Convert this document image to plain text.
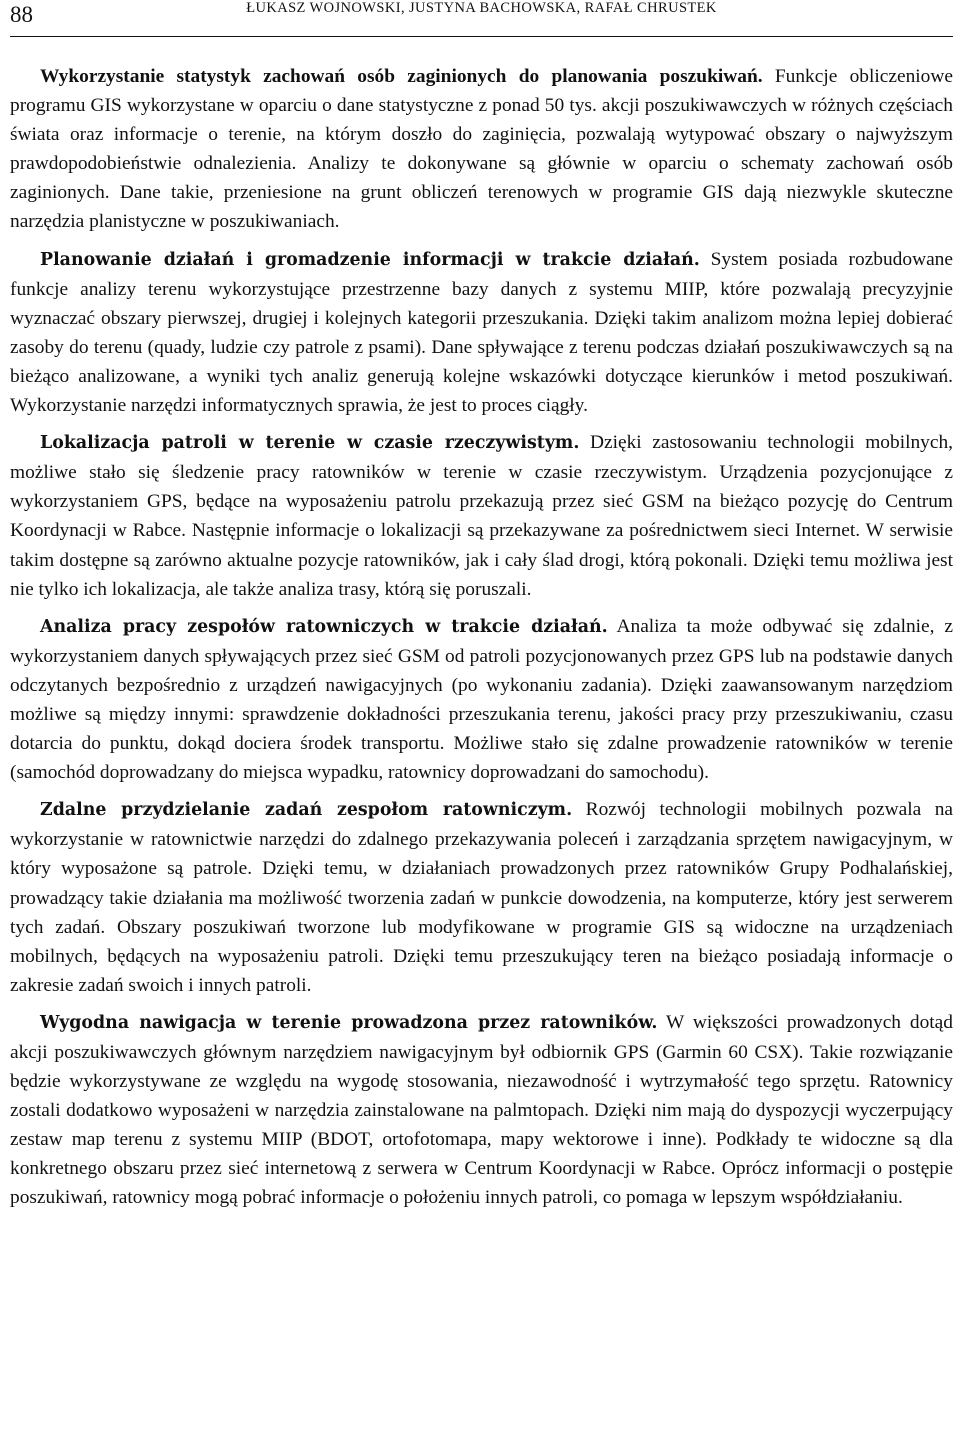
88	ŁUKASZ WOJNOWSKI, JUSTYNA BACHOWSKA, RAFAŁ CHRUSTEK

Wykorzystanie statystyk zachowań osób zaginionych do planowania poszukiwań. Funkcje obliczeniowe programu GIS wykorzystane w oparciu o dane statystyczne z ponad 50 tys. akcji poszukiwawczych w różnych częściach świata oraz informacje o terenie, na którym doszło do zaginięcia, pozwalają wytypować obszary o najwyższym prawdopodobieństwie odnalezienia. Analizy te dokonywane są głównie w oparciu o schematy zachowań osób zaginionych. Dane takie, przeniesione na grunt obliczeń terenowych w programie GIS dają niezwykle skuteczne narzędzia planistyczne w poszukiwaniach.

Planowanie działań i gromadzenie informacji w trakcie działań. System posiada rozbudowane funkcje analizy terenu wykorzystujące przestrzenne bazy danych z systemu MIIP, które pozwalają precyzyjnie wyznaczać obszary pierwszej, drugiej i kolejnych kategorii przeszukania. Dzięki takim analizom można lepiej dobierać zasoby do terenu (quady, ludzie czy patrole z psami). Dane spływające z terenu podczas działań poszukiwawczych są na bieżąco analizowane, a wyniki tych analiz generują kolejne wskazówki dotyczące kierunków i metod poszukiwań. Wykorzystanie narzędzi informatycznych sprawia, że jest to proces ciągły.

Lokalizacja patroli w terenie w czasie rzeczywistym. Dzięki zastosowaniu technologii mobilnych, możliwe stało się śledzenie pracy ratowników w terenie w czasie rzeczywistym. Urządzenia pozycjonujące z wykorzystaniem GPS, będące na wyposażeniu patrolu przekazują przez sieć GSM na bieżąco pozycję do Centrum Koordynacji w Rabce. Następnie informacje o lokalizacji są przekazywane za pośrednictwem sieci Internet. W serwisie takim dostępne są zarówno aktualne pozycje ratowników, jak i cały ślad drogi, którą pokonali. Dzięki temu możliwa jest nie tylko ich lokalizacja, ale także analiza trasy, którą się poruszali.

Analiza pracy zespołów ratowniczych w trakcie działań. Analiza ta może odbywać się zdalnie, z wykorzystaniem danych spływających przez sieć GSM od patroli pozycjonowanych przez GPS lub na podstawie danych odczytanych bezpośrednio z urządzeń nawigacyjnych (po wykonaniu zadania). Dzięki zaawansowanym narzędziom możliwe są między innymi: sprawdzenie dokładności przeszukania terenu, jakości pracy przy przeszukiwaniu, czasu dotarcia do punktu, dokąd dociera środek transportu. Możliwe stało się zdalne prowadzenie ratowników w terenie (samochód doprowadzany do miejsca wypadku, ratownicy doprowadzani do samochodu).

Zdalne przydzielanie zadań zespołom ratowniczym. Rozwój technologii mobilnych pozwala na wykorzystanie w ratownictwie narzędzi do zdalnego przekazywania poleceń i zarządzania sprzętem nawigacyjnym, w który wyposażone są patrole. Dzięki temu, w działaniach prowadzonych przez ratowników Grupy Podhalańskiej, prowadzący takie działania ma możliwość tworzenia zadań w punkcie dowodzenia, na komputerze, który jest serwerem tych zadań. Obszary poszukiwań tworzone lub modyfikowane w programie GIS są widoczne na urządzeniach mobilnych, będących na wyposażeniu patroli. Dzięki temu przeszukujący teren na bieżąco posiadają informacje o zakresie zadań swoich i innych patroli.

Wygodna nawigacja w terenie prowadzona przez ratowników. W większości prowadzonych dotąd akcji poszukiwawczych głównym narzędziem nawigacyjnym był odbiornik GPS (Garmin 60 CSX). Takie rozwiązanie będzie wykorzystywane ze względu na wygodę stosowania, niezawodność i wytrzymałość tego sprzętu. Ratownicy zostali dodatkowo wyposażeni w narzędzia zainstalowane na palmtopach. Dzięki nim mają do dyspozycji wyczerpujący zestaw map terenu z systemu MIIP (BDOT, ortofotomapa, mapy wektorowe i inne). Podkłady te widoczne są dla konkretnego obszaru przez sieć internetową z serwera w Centrum Koordynacji w Rabce. Oprócz informacji o postępie poszukiwań, ratownicy mogą pobrać informacje o położeniu innych patroli, co pomaga w lepszym współdziałaniu.
